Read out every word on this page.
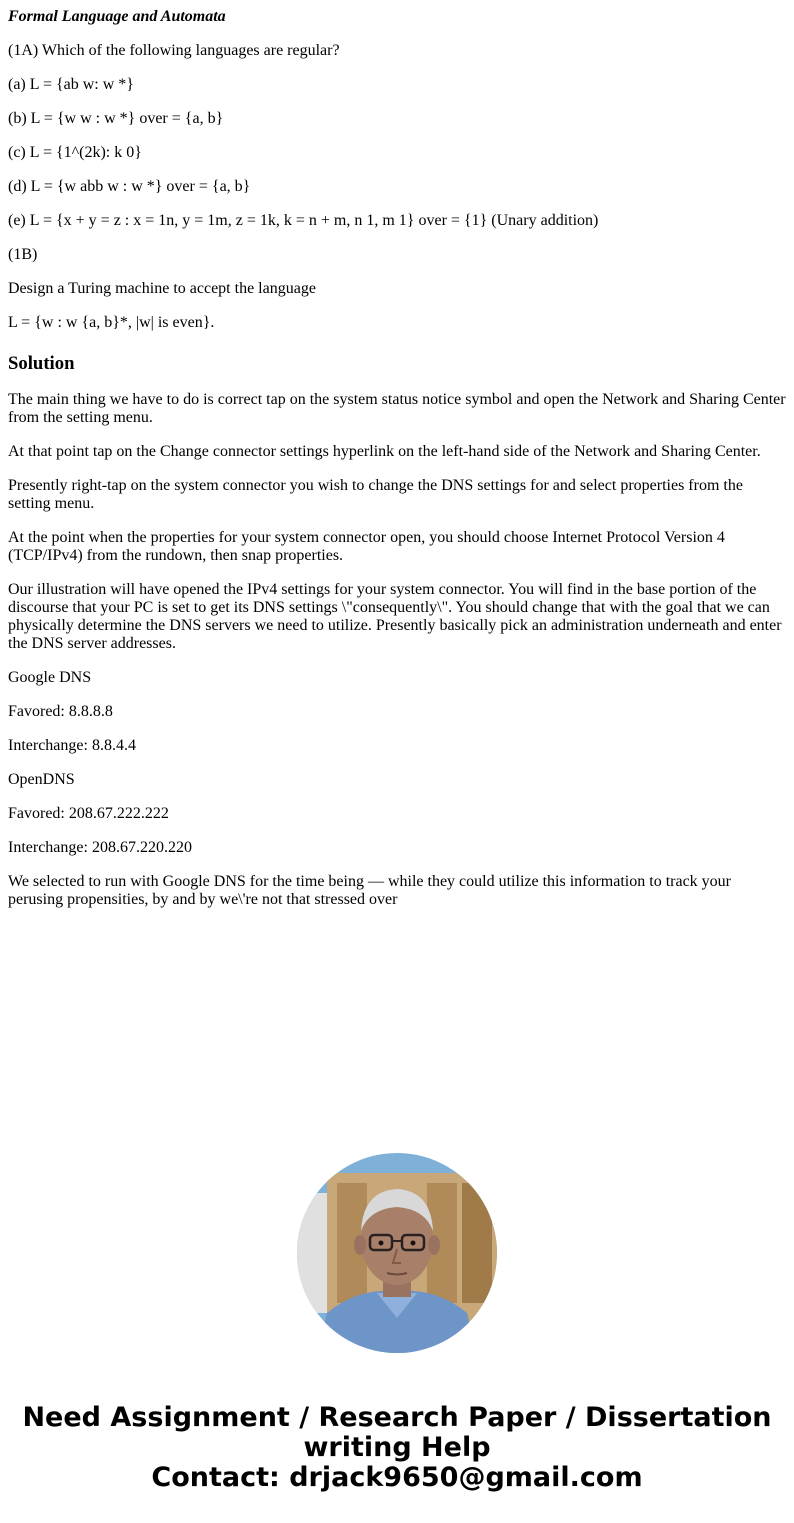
Formal Language and Automata

(1A) Which of the following languages are regular?

(a) L = {ab w: w *}

(b) L = {w w : w *} over = {a, b}

(c) L = {1^(2k): k 0}

(d) L = {w abb w : w *} over = {a, b}

(e) L = {x + y = z : x = 1n, y = 1m, z = 1k, k = n + m, n 1, m 1} over = {1} (Unary addition)

(1B)

Design a Turing machine to accept the language

L = {w : w {a, b}*, |w| is even}.

Solution

The main thing we have to do is correct tap on the system status notice symbol and open the Network and Sharing Center from the setting menu.

At that point tap on the Change connector settings hyperlink on the left-hand side of the Network and Sharing Center.

Presently right-tap on the system connector you wish to change the DNS settings for and select properties from the setting menu.

At the point when the properties for your system connector open, you should choose Internet Protocol Version 4 (TCP/IPv4) from the rundown, then snap properties.

Our illustration will have opened the IPv4 settings for your system connector. You will find in the base portion of the discourse that your PC is set to get its DNS settings \"consequently\". You should change that with the goal that we can physically determine the DNS servers we need to utilize. Presently basically pick an administration underneath and enter the DNS server addresses.

Google DNS

Favored: 8.8.8.8

Interchange: 8.8.4.4

OpenDNS

Favored: 208.67.222.222

Interchange: 208.67.220.220

We selected to run with Google DNS for the time being — while they could utilize this information to track your perusing propensities, by and by we\'re not that stressed over

Need Assignment / Research Paper / Dissertation
writing Help
Contact: drjack9650@gmail.com
